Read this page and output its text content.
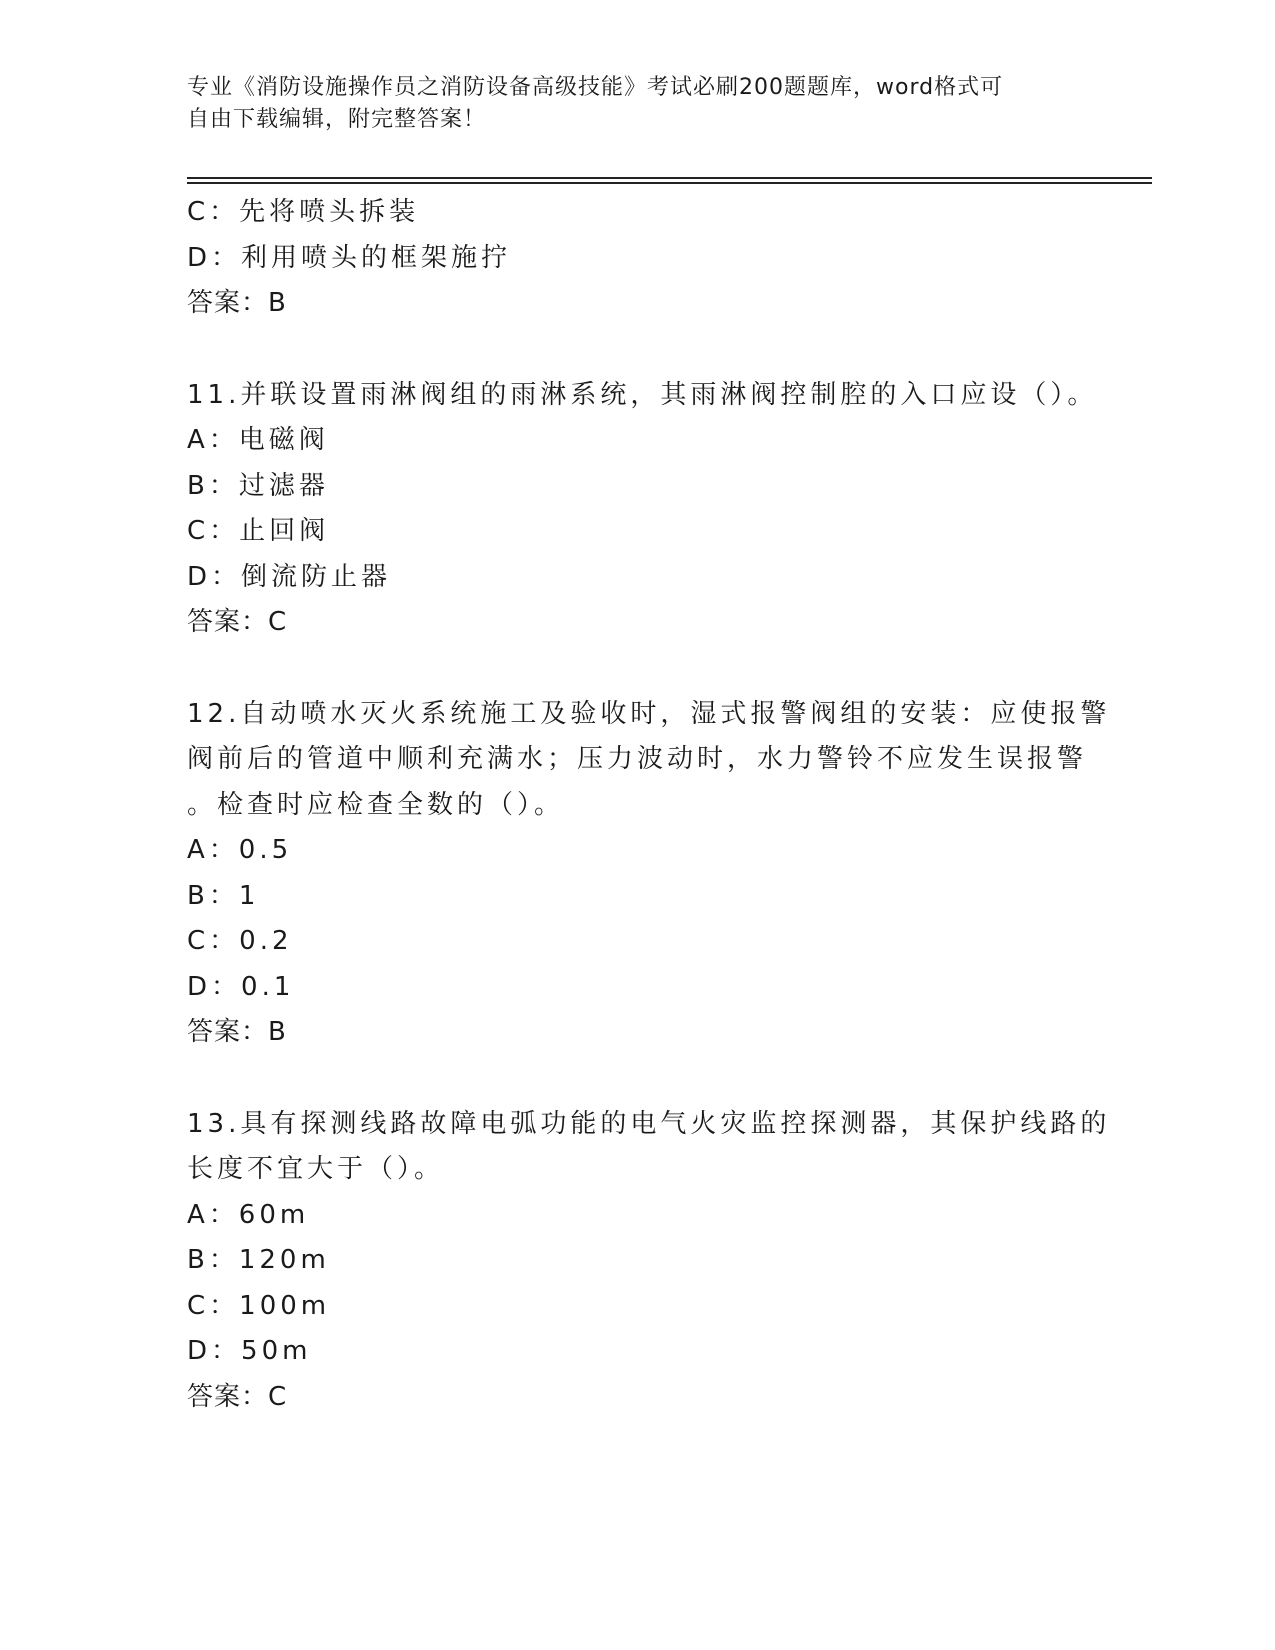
专业《消防设施操作员之消防设备高级技能》考试必刷200题题库，word格式可
自由下载编辑，附完整答案！
C：先将喷头拆装
D：利用喷头的框架施拧
答案：B
11.并联设置雨淋阀组的雨淋系统，其雨淋阀控制腔的入口应设（）。
A：电磁阀
B：过滤器
C：止回阀
D：倒流防止器
答案：C
12.自动喷水灭火系统施工及验收时，湿式报警阀组的安装：应使报警
阀前后的管道中顺利充满水；压力波动时，水力警铃不应发生误报警
。检查时应检查全数的（）。
A：0.5
B：1
C：0.2
D：0.1
答案：B
13.具有探测线路故障电弧功能的电气火灾监控探测器，其保护线路的
长度不宜大于（）。
A：60m
B：120m
C：100m
D：50m
答案：C
